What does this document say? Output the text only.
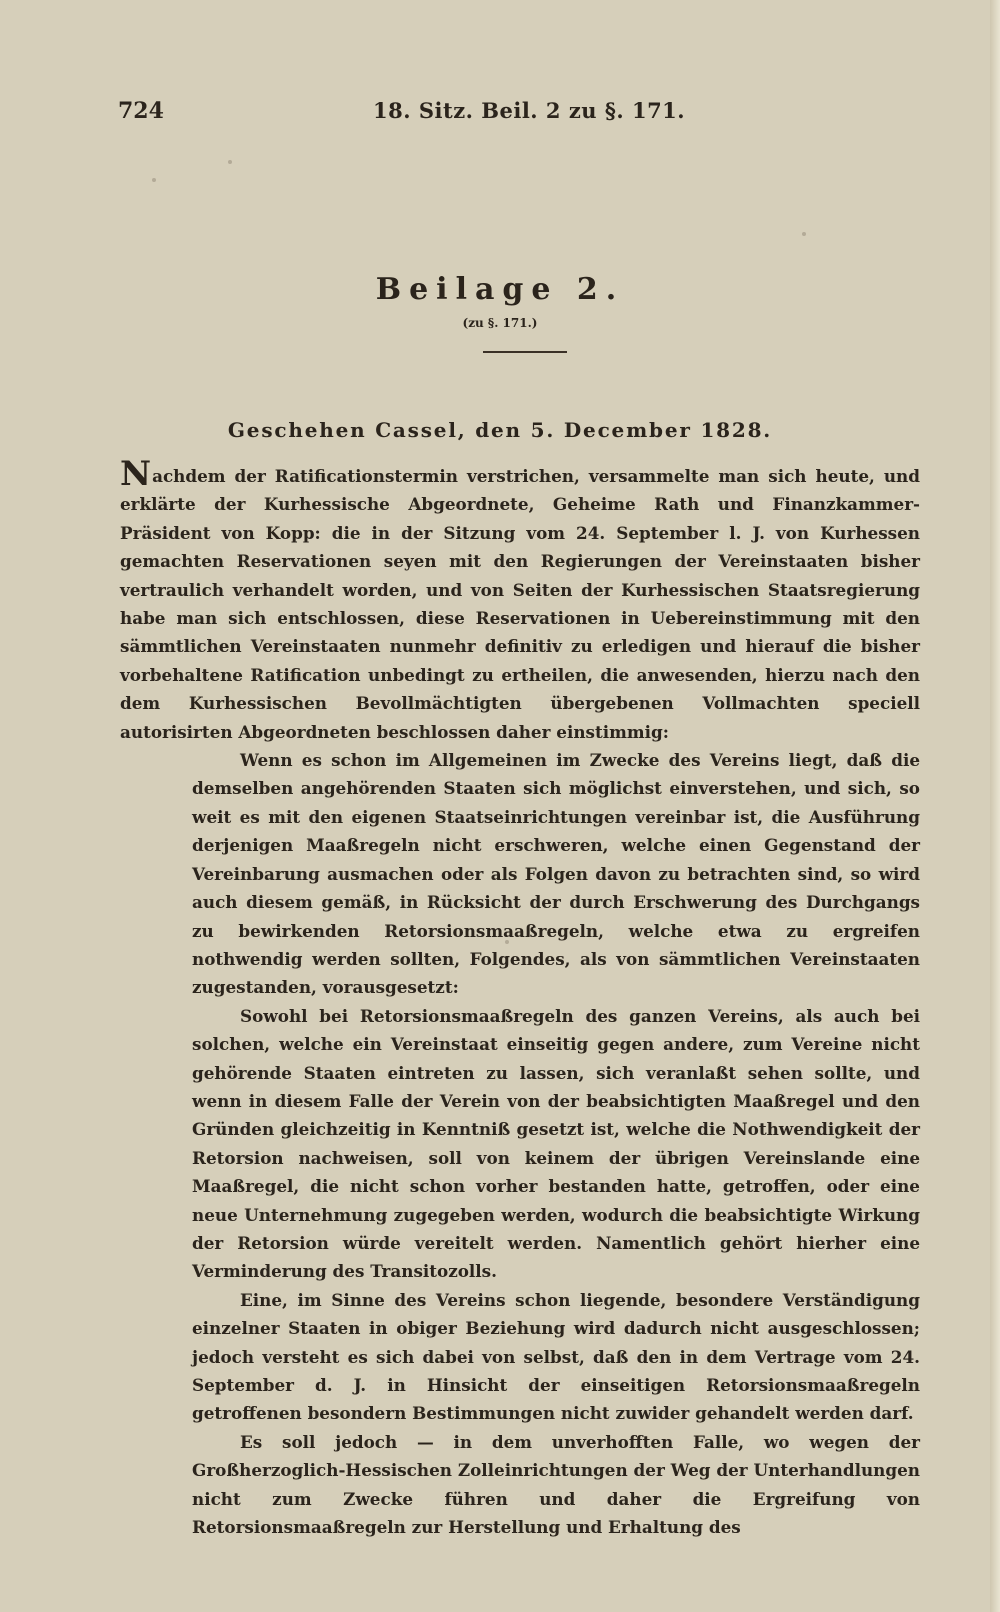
724	18. Sitz. Beil. 2 zu §. 171.
Beilage 2.
(zu §. 171.)
Geschehen Cassel, den 5. December 1828.

Nachdem der Ratificationstermin verstrichen, versammelte man sich heute, und erklärte der Kurhessische Abgeordnete, Geheime Rath und Finanzkammer-Präsident von Kopp: die in der Sitzung vom 24. September l. J. von Kurhessen gemachten Reservationen seyen mit den Regierungen der Vereinstaaten bisher vertraulich verhandelt worden, und von Seiten der Kurhessischen Staatsregierung habe man sich entschlossen, diese Reservationen in Uebereinstimmung mit den sämmtlichen Vereinstaaten nunmehr definitiv zu erledigen und hierauf die bisher vorbehaltene Ratification unbedingt zu ertheilen, die anwesenden, hierzu nach den dem Kurhessischen Bevollmächtigten übergebenen Vollmachten speciell autorisirten Abgeordneten beschlossen daher einstimmig:

Wenn es schon im Allgemeinen im Zwecke des Vereins liegt, daß die demselben angehörenden Staaten sich möglichst einverstehen, und sich, so weit es mit den eigenen Staatseinrichtungen vereinbar ist, die Ausführung derjenigen Maaßregeln nicht erschweren, welche einen Gegenstand der Vereinbarung ausmachen oder als Folgen davon zu betrachten sind, so wird auch diesem gemäß, in Rücksicht der durch Erschwerung des Durchgangs zu bewirkenden Retorsionsmaaßregeln, welche etwa zu ergreifen nothwendig werden sollten, Folgendes, als von sämmtlichen Vereinstaaten zugestanden, vorausgesetzt:

Sowohl bei Retorsionsmaaßregeln des ganzen Vereins, als auch bei solchen, welche ein Vereinstaat einseitig gegen andere, zum Vereine nicht gehörende Staaten eintreten zu lassen, sich veranlaßt sehen sollte, und wenn in diesem Falle der Verein von der beabsichtigten Maaßregel und den Gründen gleichzeitig in Kenntniß gesetzt ist, welche die Nothwendigkeit der Retorsion nachweisen, soll von keinem der übrigen Vereinslande eine Maaßregel, die nicht schon vorher bestanden hatte, getroffen, oder eine neue Unternehmung zugegeben werden, wodurch die beabsichtigte Wirkung der Retorsion würde vereitelt werden. Namentlich gehört hierher eine Verminderung des Transitozolls.

Eine, im Sinne des Vereins schon liegende, besondere Verständigung einzelner Staaten in obiger Beziehung wird dadurch nicht ausgeschlossen; jedoch versteht es sich dabei von selbst, daß den in dem Vertrage vom 24. September d. J. in Hinsicht der einseitigen Retorsionsmaaßregeln getroffenen besondern Bestimmungen nicht zuwider gehandelt werden darf.

Es soll jedoch — in dem unverhofften Falle, wo wegen der Großherzoglich-Hessischen Zolleinrichtungen der Weg der Unterhandlungen nicht zum Zwecke führen und daher die Ergreifung von Retorsionsmaaßregeln zur Herstellung und Erhaltung des
